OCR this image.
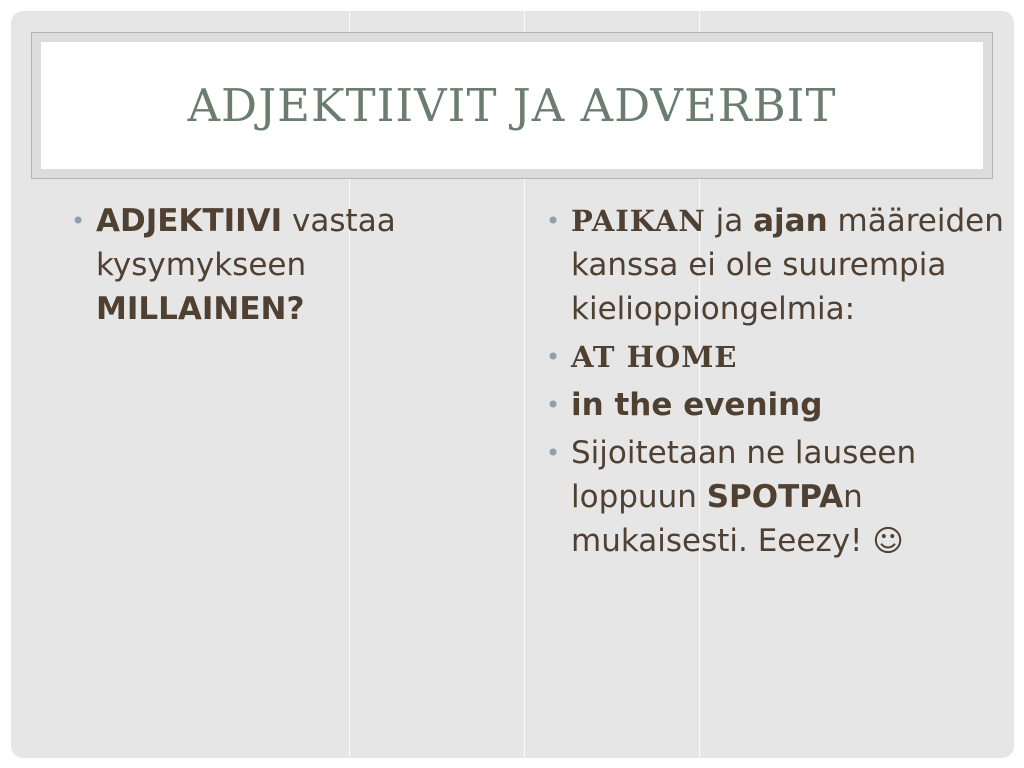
ADJEKTIIVIT JA ADVERBIT
• ADJEKTIIVI vastaa kysymykseen MILLAINEN?
• PAIKAN ja ajan määreiden kanssa ei ole suurempia kielioppiongelmia:
• AT HOME
• in the evening
• Sijoitetaan ne lauseen loppuun SPOTPAn mukaisesti. Eeezy! ☺
